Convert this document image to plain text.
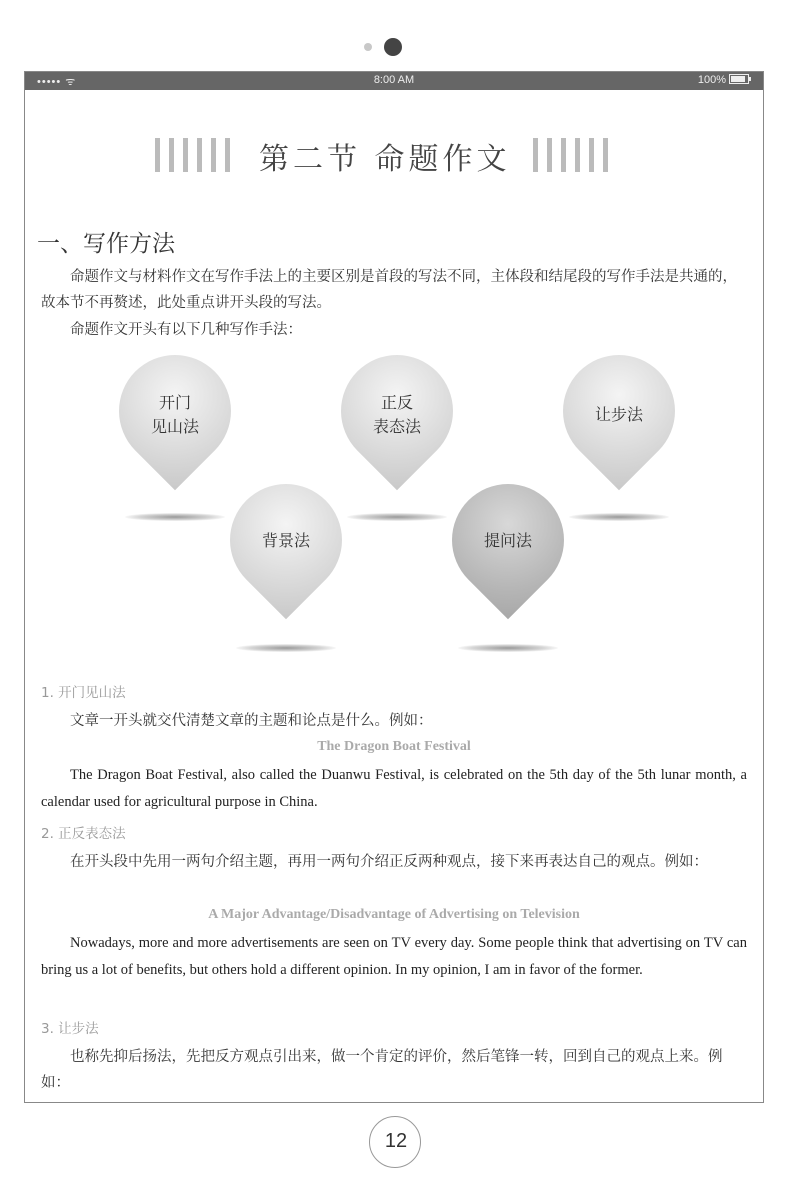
••••• ᯤ	8:00 AM	100%
第二节 命题作文
一、写作方法
命题作文与材料作文在写作手法上的主要区别是首段的写法不同，主体段和结尾段的写作手法是共通的，故本节不再赘述，此处重点讲开头段的写法。
命题作文开头有以下几种写作手法：
开门
见山法
正反
表态法
让步法
背景法	提问法
1. 开门见山法
文章一开头就交代清楚文章的主题和论点是什么。例如：
The Dragon Boat Festival
The Dragon Boat Festival, also called the Duanwu Festival, is celebrated on the 5th day of the 5th lunar month, a calendar used for agricultural purpose in China.
2. 正反表态法
在开头段中先用一两句介绍主题，再用一两句介绍正反两种观点，接下来再表达自己的观点。例如：
A Major Advantage/Disadvantage of Advertising on Television
Nowadays, more and more advertisements are seen on TV every day. Some people think that advertising on TV can bring us a lot of benefits, but others hold a different opinion. In my opinion, I am in favor of the former.
3. 让步法
也称先抑后扬法，先把反方观点引出来，做一个肯定的评价，然后笔锋一转，回到自己的观点上来。例如：
12
